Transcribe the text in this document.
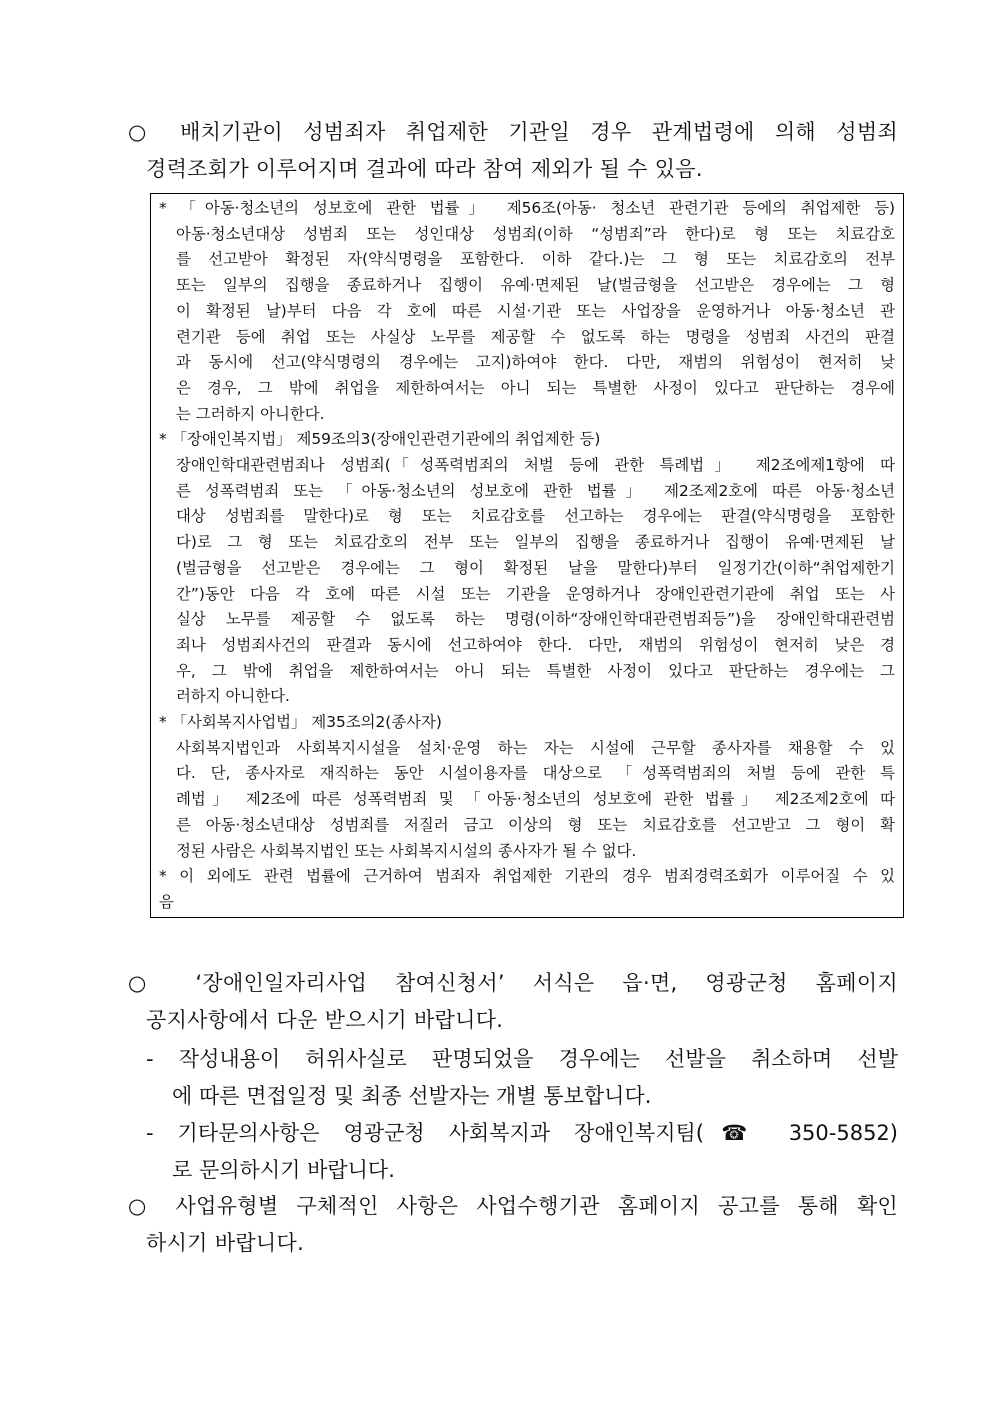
○ 배치기관이 성범죄자 취업제한 기관일 경우 관계법령에 의해 성범죄
경력조회가 이루어지며 결과에 따라 참여 제외가 될 수 있음.
* 「아동·청소년의 성보호에 관한 법률」 제56조(아동· 청소년 관련기관 등에의 취업제한 등)
아동·청소년대상 성범죄 또는 성인대상 성범죄(이하 “성범죄”라 한다)로 형 또는 치료감호
를 선고받아 확정된 자(약식명령을 포함한다. 이하 같다.)는 그 형 또는 치료감호의 전부
또는 일부의 집행을 종료하거나 집행이 유예·면제된 날(벌금형을 선고받은 경우에는 그 형
이 확정된 날)부터 다음 각 호에 따른 시설·기관 또는 사업장을 운영하거나 아동·청소년 관
련기관 등에 취업 또는 사실상 노무를 제공할 수 없도록 하는 명령을 성범죄 사건의 판결
과 동시에 선고(약식명령의 경우에는 고지)하여야 한다. 다만, 재범의 위험성이 현저히 낮
은 경우, 그 밖에 취업을 제한하여서는 아니 되는 특별한 사정이 있다고 판단하는 경우에
는 그러하지 아니한다.
* 「장애인복지법」 제59조의3(장애인관련기관에의 취업제한 등)
장애인학대관련범죄나 성범죄(「성폭력범죄의 처벌 등에 관한 특례법」 제2조에제1항에 따
른 성폭력범죄 또는 「아동·청소년의 성보호에 관한 법률」 제2조제2호에 따른 아동·청소년
대상 성범죄를 말한다)로 형 또는 치료감호를 선고하는 경우에는 판결(약식명령을 포함한
다)로 그 형 또는 치료감호의 전부 또는 일부의 집행을 종료하거나 집행이 유예·면제된 날
(벌금형을 선고받은 경우에는 그 형이 확정된 날을 말한다)부터 일정기간(이하“취업제한기
간”)동안 다음 각 호에 따른 시설 또는 기관을 운영하거나 장애인관련기관에 취업 또는 사
실상 노무를 제공할 수 없도록 하는 명령(이하“장애인학대관련범죄등”)을 장애인학대관련범
죄나 성범죄사건의 판결과 동시에 선고하여야 한다. 다만, 재범의 위험성이 현저히 낮은 경
우, 그 밖에 취업을 제한하여서는 아니 되는 특별한 사정이 있다고 판단하는 경우에는 그
러하지 아니한다.
* 「사회복지사업법」 제35조의2(종사자)
사회복지법인과 사회복지시설을 설치·운영 하는 자는 시설에 근무할 종사자를 채용할 수 있
다. 단, 종사자로 재직하는 동안 시설이용자를 대상으로 「성폭력범죄의 처벌 등에 관한 특
례법」 제2조에 따른 성폭력범죄 및 「아동·청소년의 성보호에 관한 법률」 제2조제2호에 따
른 아동·청소년대상 성범죄를 저질러 금고 이상의 형 또는 치료감호를 선고받고 그 형이 확
정된 사람은 사회복지법인 또는 사회복지시설의 종사자가 될 수 없다.
* 이 외에도 관련 법률에 근거하여 범죄자 취업제한 기관의 경우 범죄경력조회가 이루어질 수 있
음
○ ‘장애인일자리사업 참여신청서’ 서식은 읍·면, 영광군청 홈페이지
공지사항에서 다운 받으시기 바랍니다.
- 작성내용이 허위사실로 판명되었을 경우에는 선발을 취소하며 선발
에 따른 면접일정 및 최종 선발자는 개별 통보합니다.
- 기타문의사항은 영광군청 사회복지과 장애인복지팀(☎ 350-5852)
로 문의하시기 바랍니다.
○ 사업유형별 구체적인 사항은 사업수행기관 홈페이지 공고를 통해 확인
하시기 바랍니다.
